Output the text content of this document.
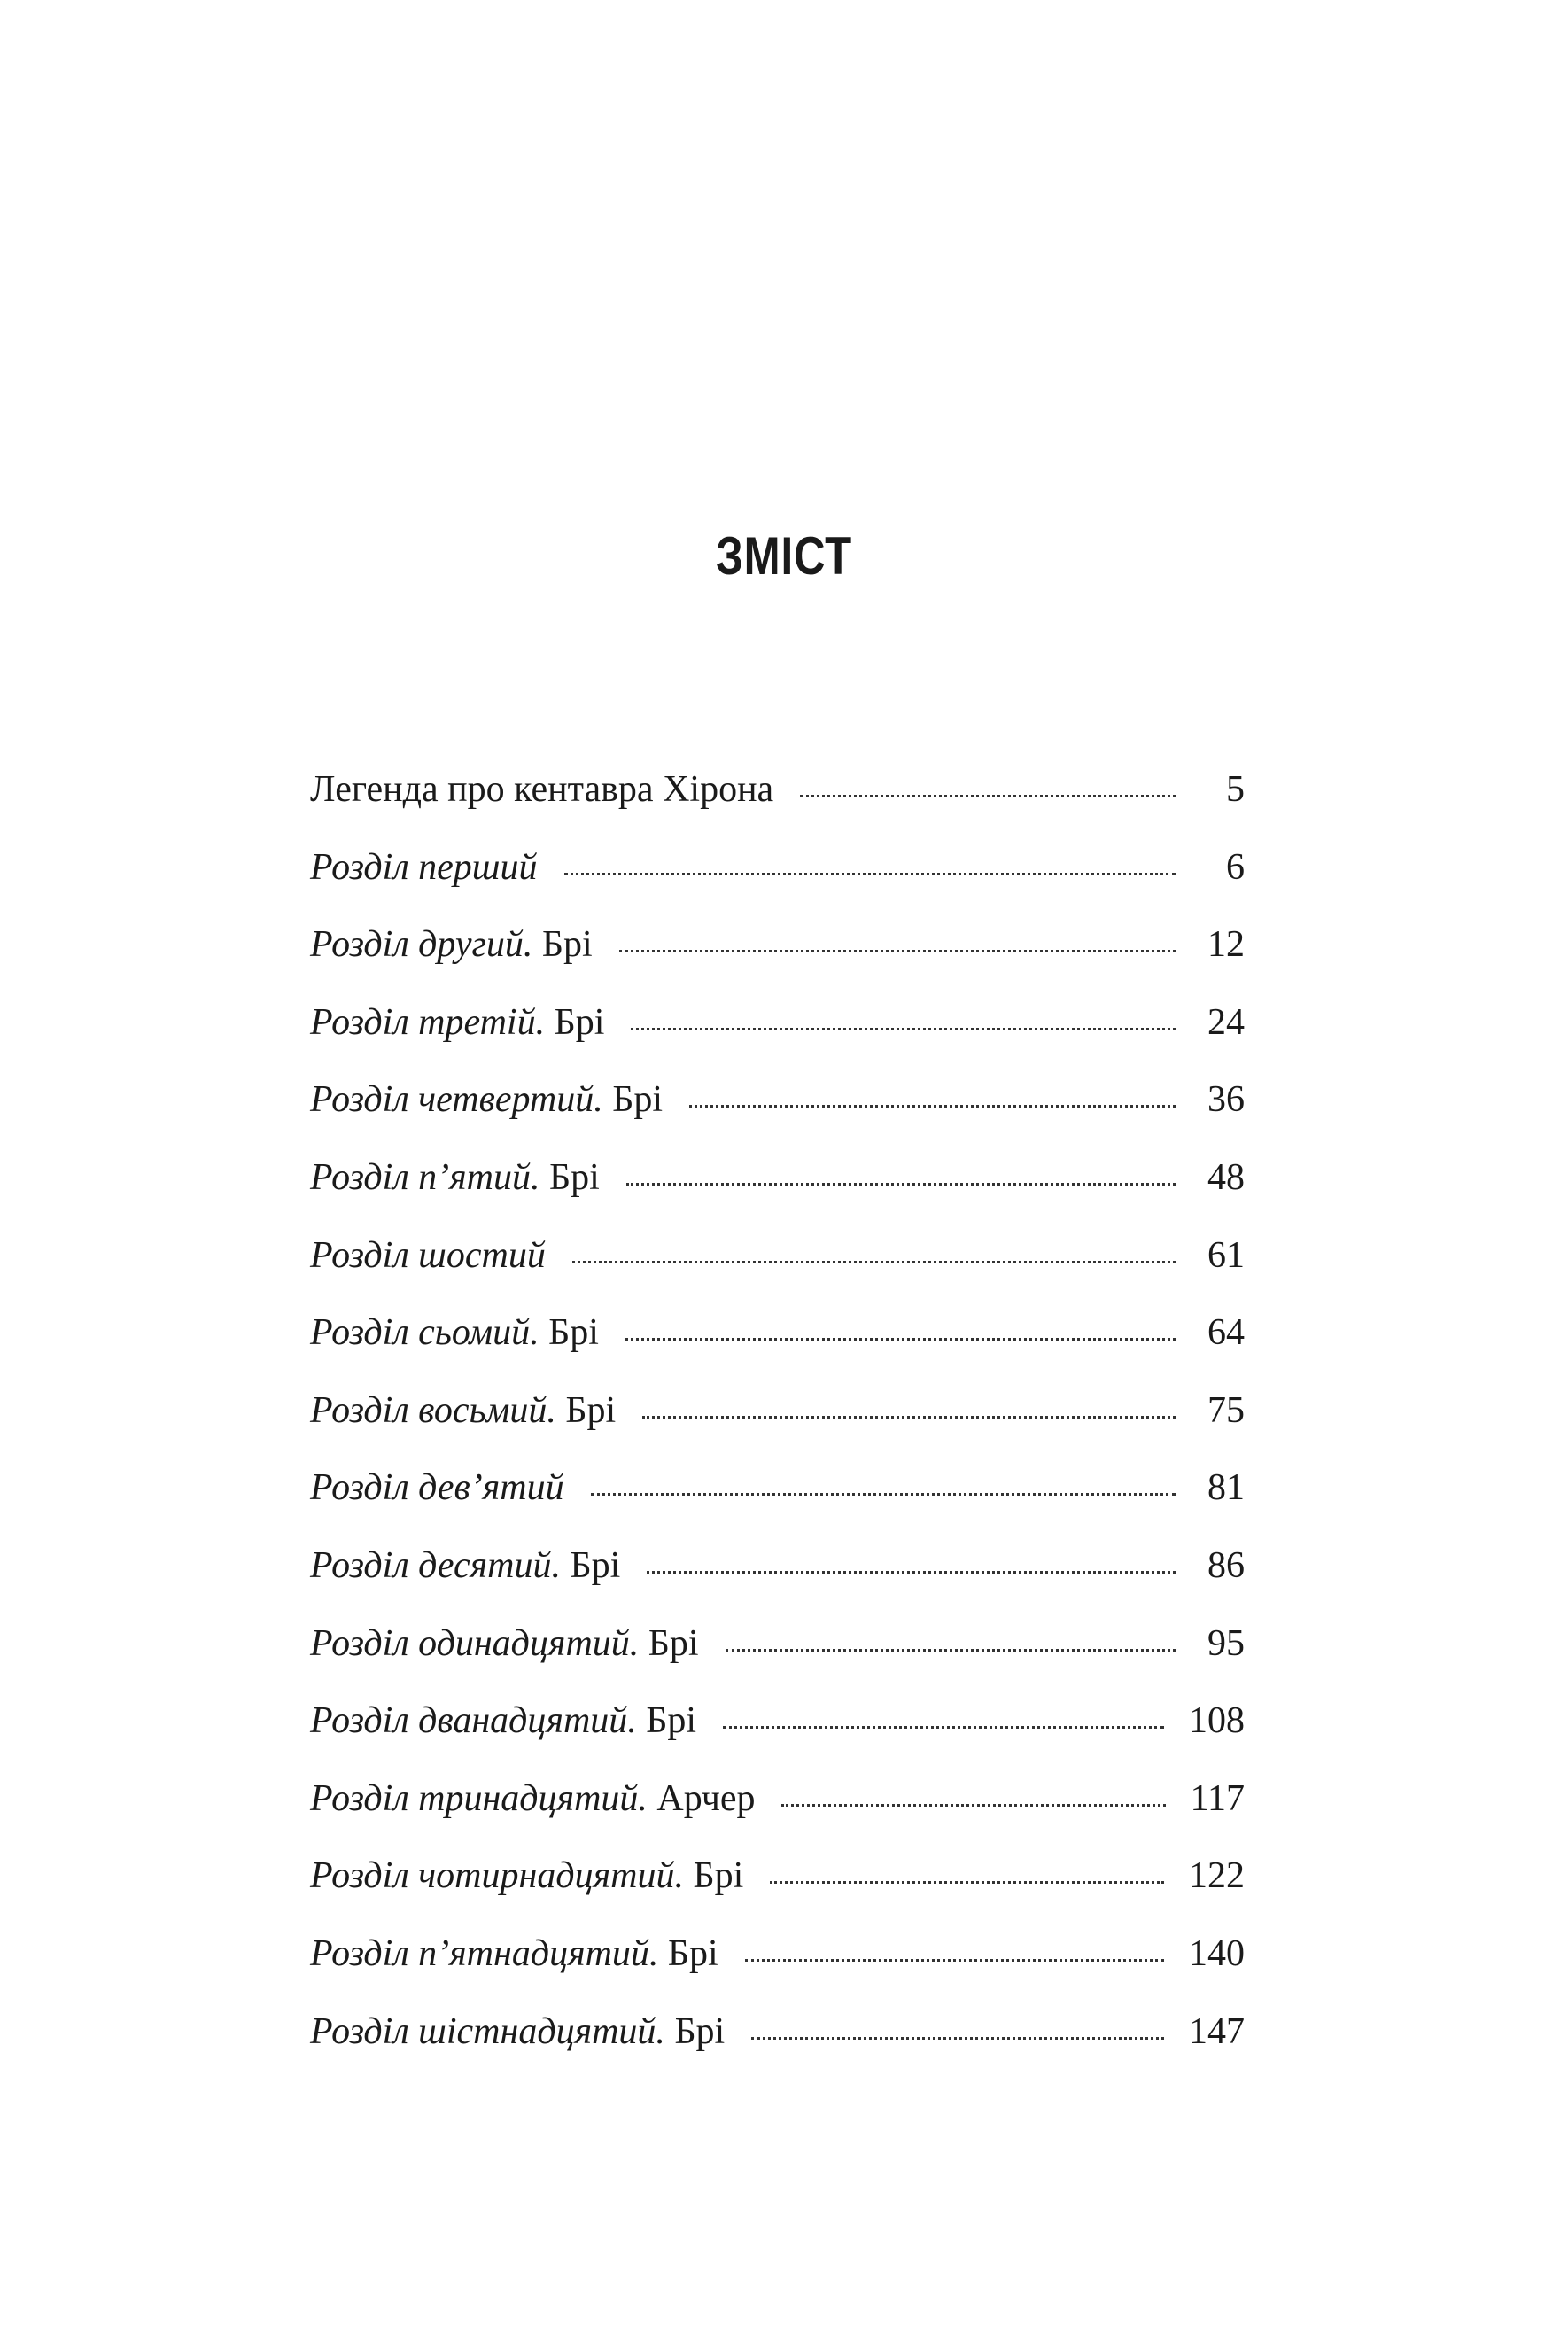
ЗМІСТ
Легенда про кентавра Хірона	5
Розділ перший	6
Розділ другий. Брі	12
Розділ третій. Брі	24
Розділ четвертий. Брі	36
Розділ п’ятий. Брі	48
Розділ шостий	61
Розділ сьомий. Брі	64
Розділ восьмий. Брі	75
Розділ дев’ятий	81
Розділ десятий. Брі	86
Розділ одинадцятий. Брі	95
Розділ дванадцятий. Брі	108
Розділ тринадцятий. Арчер	117
Розділ чотирнадцятий. Брі	122
Розділ п’ятнадцятий. Брі	140
Розділ шістнадцятий. Брі	147
